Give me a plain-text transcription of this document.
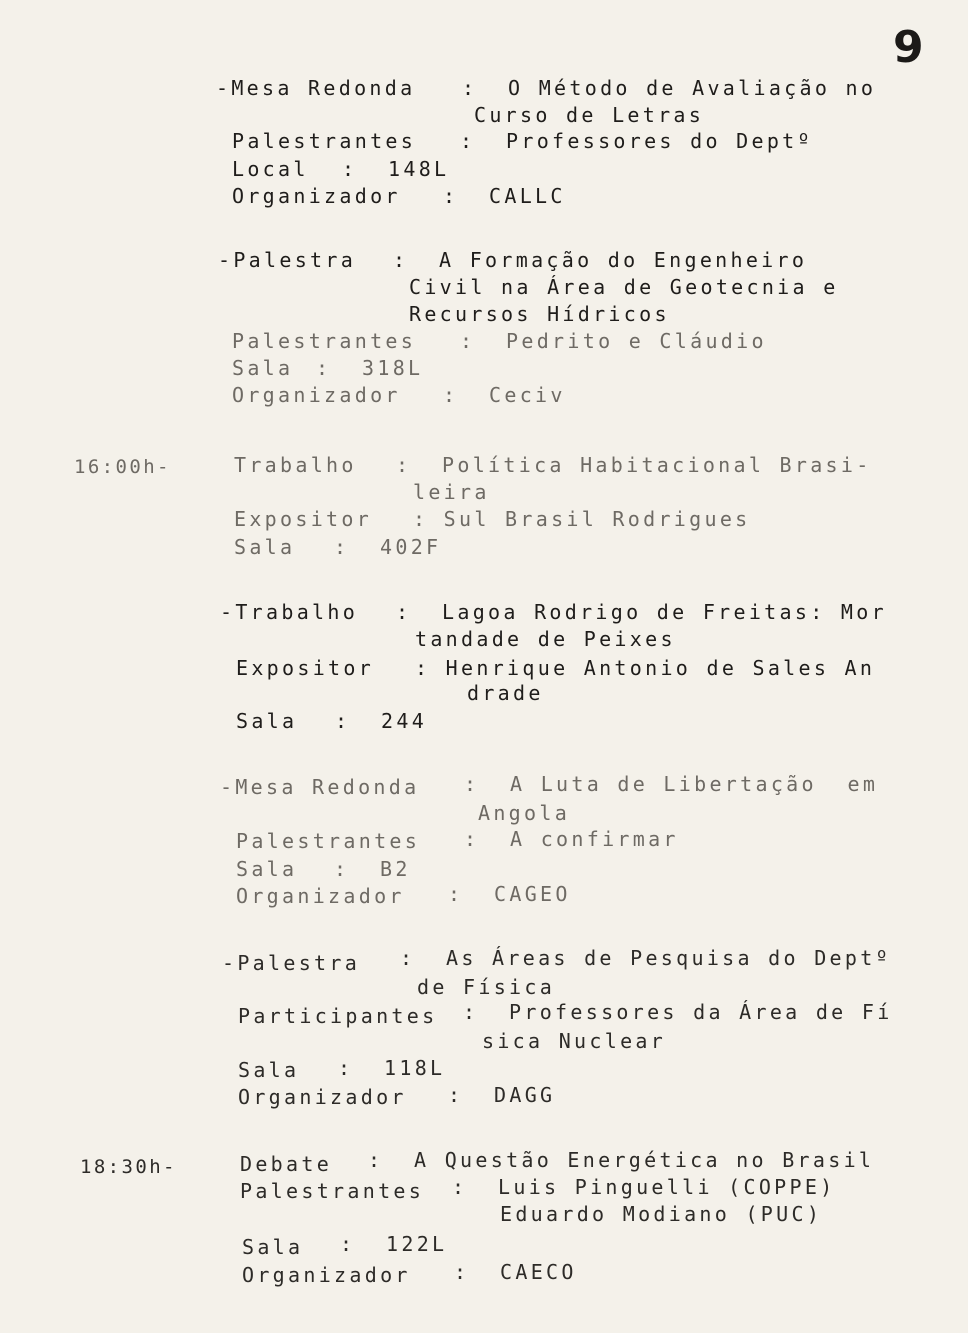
9
-Mesa Redonda :  O Método de Avaliação no
Curso de Letras
Palestrantes :  Professores do Deptº
Local :  148L
Organizador :  CALLC
-Palestra :  A Formação do Engenheiro
Civil na Área de Geotecnia e
Recursos Hídricos
Palestrantes :  Pedrito e Cláudio
Sala :  318L
Organizador :  Ceciv
16:00h-	Trabalho :  Política Habitacional Brasi-
leira
Expositor : Sul Brasil Rodrigues
Sala :  402F
-Trabalho :  Lagoa Rodrigo de Freitas: Mor
tandade de Peixes
Expositor : Henrique Antonio de Sales An
drade
Sala :  244
-Mesa Redonda :  A Luta de Libertação  em
Angola
Palestrantes :  A confirmar
Sala :  B2
Organizador :  CAGEO
-Palestra :  As Áreas de Pesquisa do Deptº
de Física
Participantes :  Professores da Área de Fí
sica Nuclear
Sala :  118L
Organizador :  DAGG
18:30h-	Debate :  A Questão Energética no Brasil
Palestrantes :  Luis Pinguelli (COPPE)
Eduardo Modiano (PUC)
Sala :  122L
Organizador :  CAECO
